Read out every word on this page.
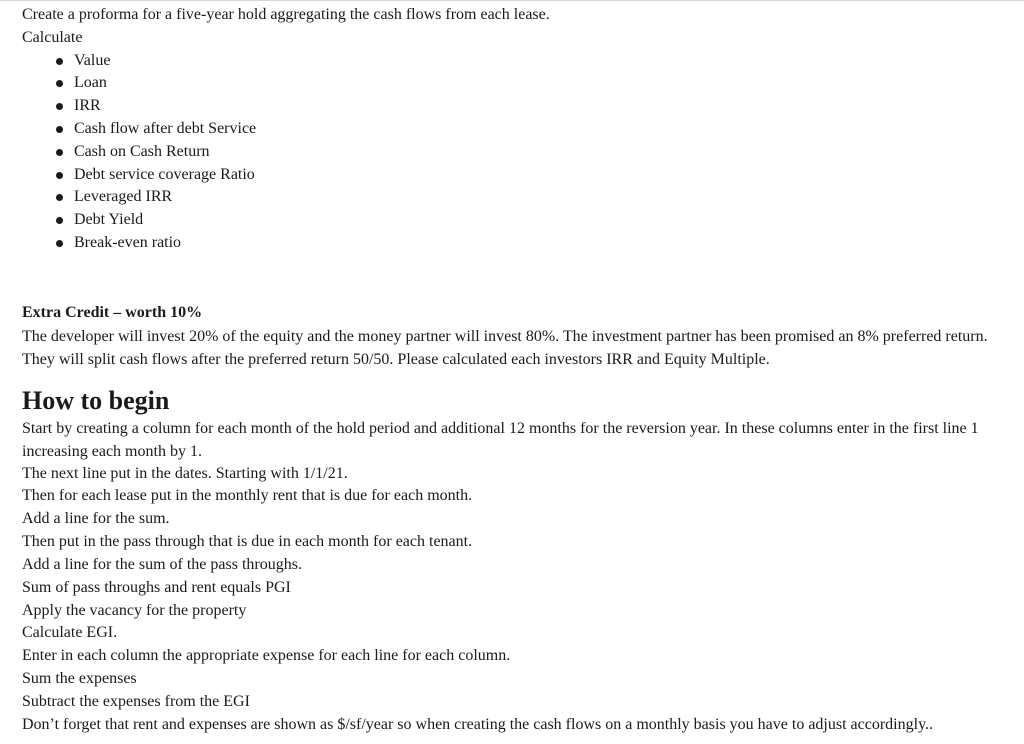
Create a proforma for a five-year hold aggregating the cash flows from each lease.
Calculate
Value
Loan
IRR
Cash flow after debt Service
Cash on Cash Return
Debt service coverage Ratio
Leveraged IRR
Debt Yield
Break-even ratio
Extra Credit – worth 10%
The developer will invest 20% of the equity and the money partner will invest 80%. The investment partner has been promised an 8% preferred return. They will split cash flows after the preferred return 50/50. Please calculated each investors IRR and Equity Multiple.
How to begin
Start by creating a column for each month of the hold period and additional 12 months for the reversion year. In these columns enter in the first line 1 increasing each month by 1.
The next line put in the dates. Starting with 1/1/21.
Then for each lease put in the monthly rent that is due for each month.
Add a line for the sum.
Then put in the pass through that is due in each month for each tenant.
Add a line for the sum of the pass throughs.
Sum of pass throughs and rent equals PGI
Apply the vacancy for the property
Calculate EGI.
Enter in each column the appropriate expense for each line for each column.
Sum the expenses
Subtract the expenses from the EGI
Don’t forget that rent and expenses are shown as $/sf/year so when creating the cash flows on a monthly basis you have to adjust accordingly..
